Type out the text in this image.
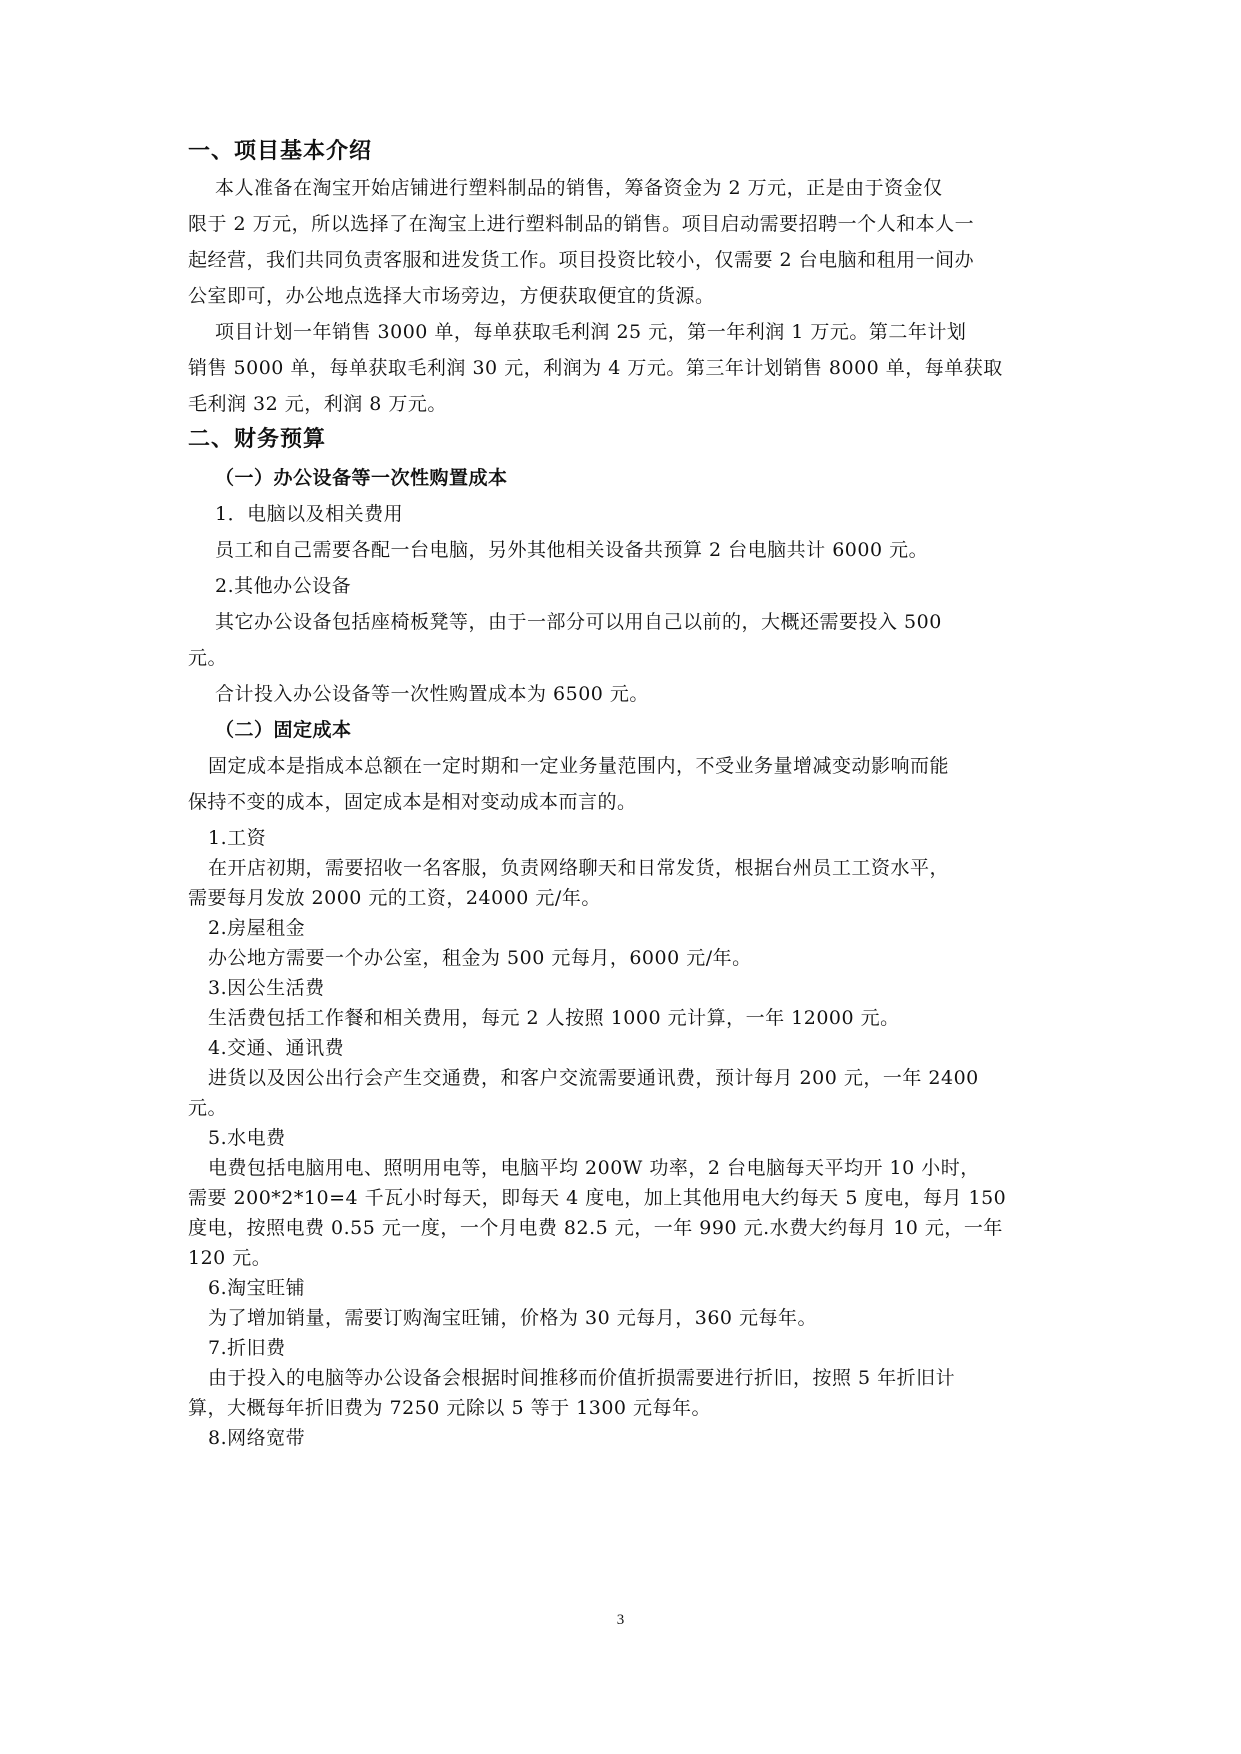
一、项目基本介绍
本人准备在淘宝开始店铺进行塑料制品的销售，筹备资金为 2 万元，正是由于资金仅
限于 2 万元，所以选择了在淘宝上进行塑料制品的销售。项目启动需要招聘一个人和本人一
起经营，我们共同负责客服和进发货工作。项目投资比较小，仅需要 2 台电脑和租用一间办
公室即可，办公地点选择大市场旁边，方便获取便宜的货源。
项目计划一年销售 3000 单，每单获取毛利润 25 元，第一年利润 1 万元。第二年计划
销售 5000 单，每单获取毛利润 30 元，利润为 4 万元。第三年计划销售 8000 单，每单获取
毛利润 32 元，利润 8 万元。
二、财务预算
（一）办公设备等一次性购置成本
1．电脑以及相关费用
员工和自己需要各配一台电脑，另外其他相关设备共预算 2 台电脑共计 6000 元。
2.其他办公设备
其它办公设备包括座椅板凳等，由于一部分可以用自己以前的，大概还需要投入 500
元。
合计投入办公设备等一次性购置成本为 6500 元。
（二）固定成本
固定成本是指成本总额在一定时期和一定业务量范围内，不受业务量增减变动影响而能
保持不变的成本，固定成本是相对变动成本而言的。
1.工资
在开店初期，需要招收一名客服，负责网络聊天和日常发货，根据台州员工工资水平，
需要每月发放 2000 元的工资，24000 元/年。
2.房屋租金
办公地方需要一个办公室，租金为 500 元每月，6000 元/年。
3.因公生活费
生活费包括工作餐和相关费用，每元 2 人按照 1000 元计算，一年 12000 元。
4.交通、通讯费
进货以及因公出行会产生交通费，和客户交流需要通讯费，预计每月 200 元，一年 2400
元。
5.水电费
电费包括电脑用电、照明用电等，电脑平均 200W 功率，2 台电脑每天平均开 10 小时，
需要 200*2*10=4 千瓦小时每天，即每天 4 度电，加上其他用电大约每天 5 度电，每月 150
度电，按照电费 0.55 元一度，一个月电费 82.5 元，一年 990 元.水费大约每月 10 元，一年
120 元。
6.淘宝旺铺
为了增加销量，需要订购淘宝旺铺，价格为 30 元每月，360 元每年。
7.折旧费
由于投入的电脑等办公设备会根据时间推移而价值折损需要进行折旧，按照 5 年折旧计
算，大概每年折旧费为 7250 元除以 5 等于 1300 元每年。
8.网络宽带
3
